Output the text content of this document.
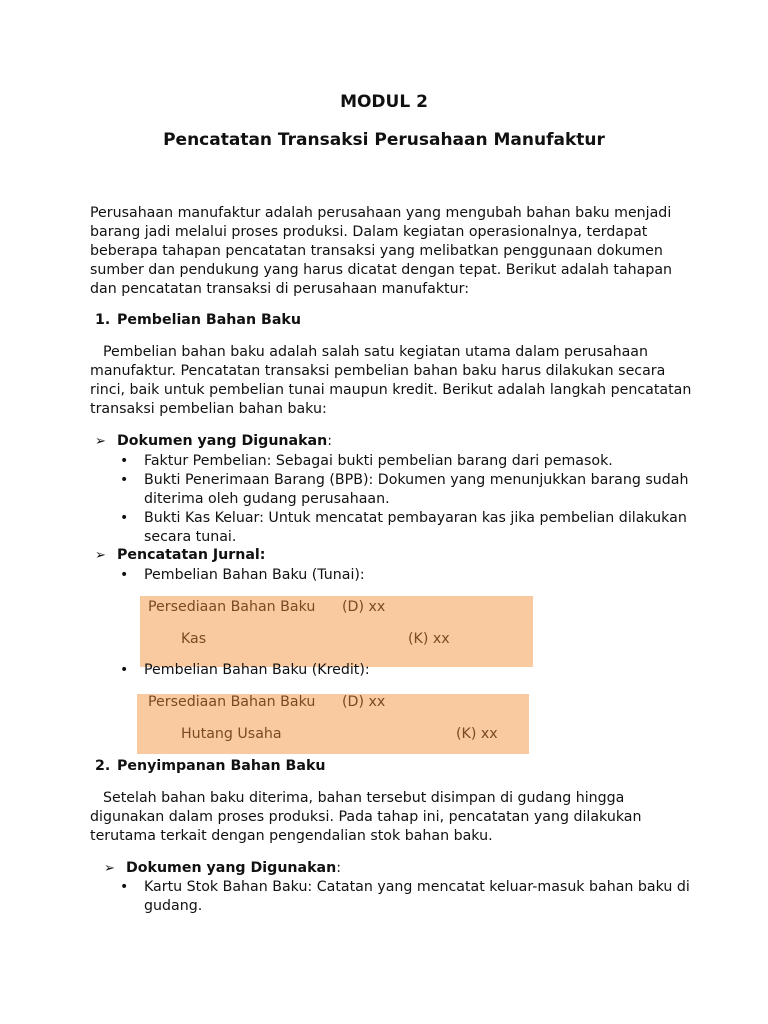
MODUL 2
Pencatatan Transaksi Perusahaan Manufaktur
Perusahaan manufaktur adalah perusahaan yang mengubah bahan baku menjadi
barang jadi melalui proses produksi. Dalam kegiatan operasionalnya, terdapat
beberapa tahapan pencatatan transaksi yang melibatkan penggunaan dokumen
sumber dan pendukung yang harus dicatat dengan tepat. Berikut adalah tahapan
dan pencatatan transaksi di perusahaan manufaktur:
1. Pembelian Bahan Baku
Pembelian bahan baku adalah salah satu kegiatan utama dalam perusahaan
manufaktur. Pencatatan transaksi pembelian bahan baku harus dilakukan secara
rinci, baik untuk pembelian tunai maupun kredit. Berikut adalah langkah pencatatan
transaksi pembelian bahan baku:
➢ Dokumen yang Digunakan:
• Faktur Pembelian: Sebagai bukti pembelian barang dari pemasok.
• Bukti Penerimaan Barang (BPB): Dokumen yang menunjukkan barang sudah
diterima oleh gudang perusahaan.
• Bukti Kas Keluar: Untuk mencatat pembayaran kas jika pembelian dilakukan
secara tunai.
➢ Pencatatan Jurnal:
• Pembelian Bahan Baku (Tunai):
Persediaan Bahan Baku (D) xx
Kas	(K) xx
• Pembelian Bahan Baku (Kredit):
Persediaan Bahan Baku (D) xx
Hutang Usaha	(K) xx
2. Penyimpanan Bahan Baku
Setelah bahan baku diterima, bahan tersebut disimpan di gudang hingga
digunakan dalam proses produksi. Pada tahap ini, pencatatan yang dilakukan
terutama terkait dengan pengendalian stok bahan baku.
➢ Dokumen yang Digunakan:
• Kartu Stok Bahan Baku: Catatan yang mencatat keluar-masuk bahan baku di
gudang.
